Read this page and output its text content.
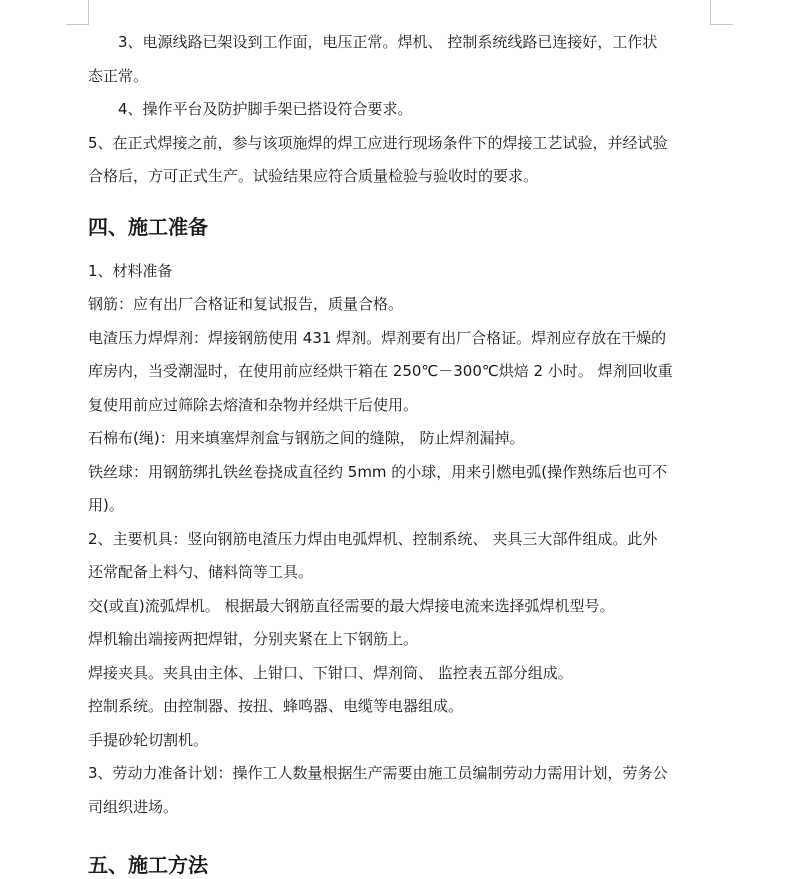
3、电源线路已架设到工作面，电压正常。焊机、 控制系统线路已连接好，工作状

态正常。

4、操作平台及防护脚手架已搭设符合要求。

5、在正式焊接之前，参与该项施焊的焊工应进行现场条件下的焊接工艺试验，并经试验

合格后，方可正式生产。试验结果应符合质量检验与验收时的要求。

四、施工准备

1、材料准备

钢筋：应有出厂合格证和复试报告，质量合格。

电渣压力焊焊剂：焊接钢筋使用 431 焊剂。焊剂要有出厂合格证。焊剂应存放在干燥的

库房内，当受潮湿时，在使用前应经烘干箱在 250℃－300℃烘焙 2 小时。 焊剂回收重

复使用前应过筛除去熔渣和杂物并经烘干后使用。

石棉布(绳)：用来填塞焊剂盒与钢筋之间的缝隙， 防止焊剂漏掉。

铁丝球：用钢筋绑扎铁丝卷挠成直径约 5mm 的小球，用来引燃电弧(操作熟练后也可不

用)。

2、主要机具：竖向钢筋电渣压力焊由电弧焊机、控制系统、 夹具三大部件组成。此外

还常配备上料勺、储料筒等工具。

交(或直)流弧焊机。 根据最大钢筋直径需要的最大焊接电流来选择弧焊机型号。

焊机输出端接两把焊钳，分别夹紧在上下钢筋上。

焊接夹具。夹具由主体、上钳口、下钳口、焊剂筒、 监控表五部分组成。

控制系统。由控制器、按扭、蜂鸣器、电缆等电器组成。

手提砂轮切割机。

3、劳动力准备计划：操作工人数量根据生产需要由施工员编制劳动力需用计划，劳务公

司组织进场。

五、施工方法
